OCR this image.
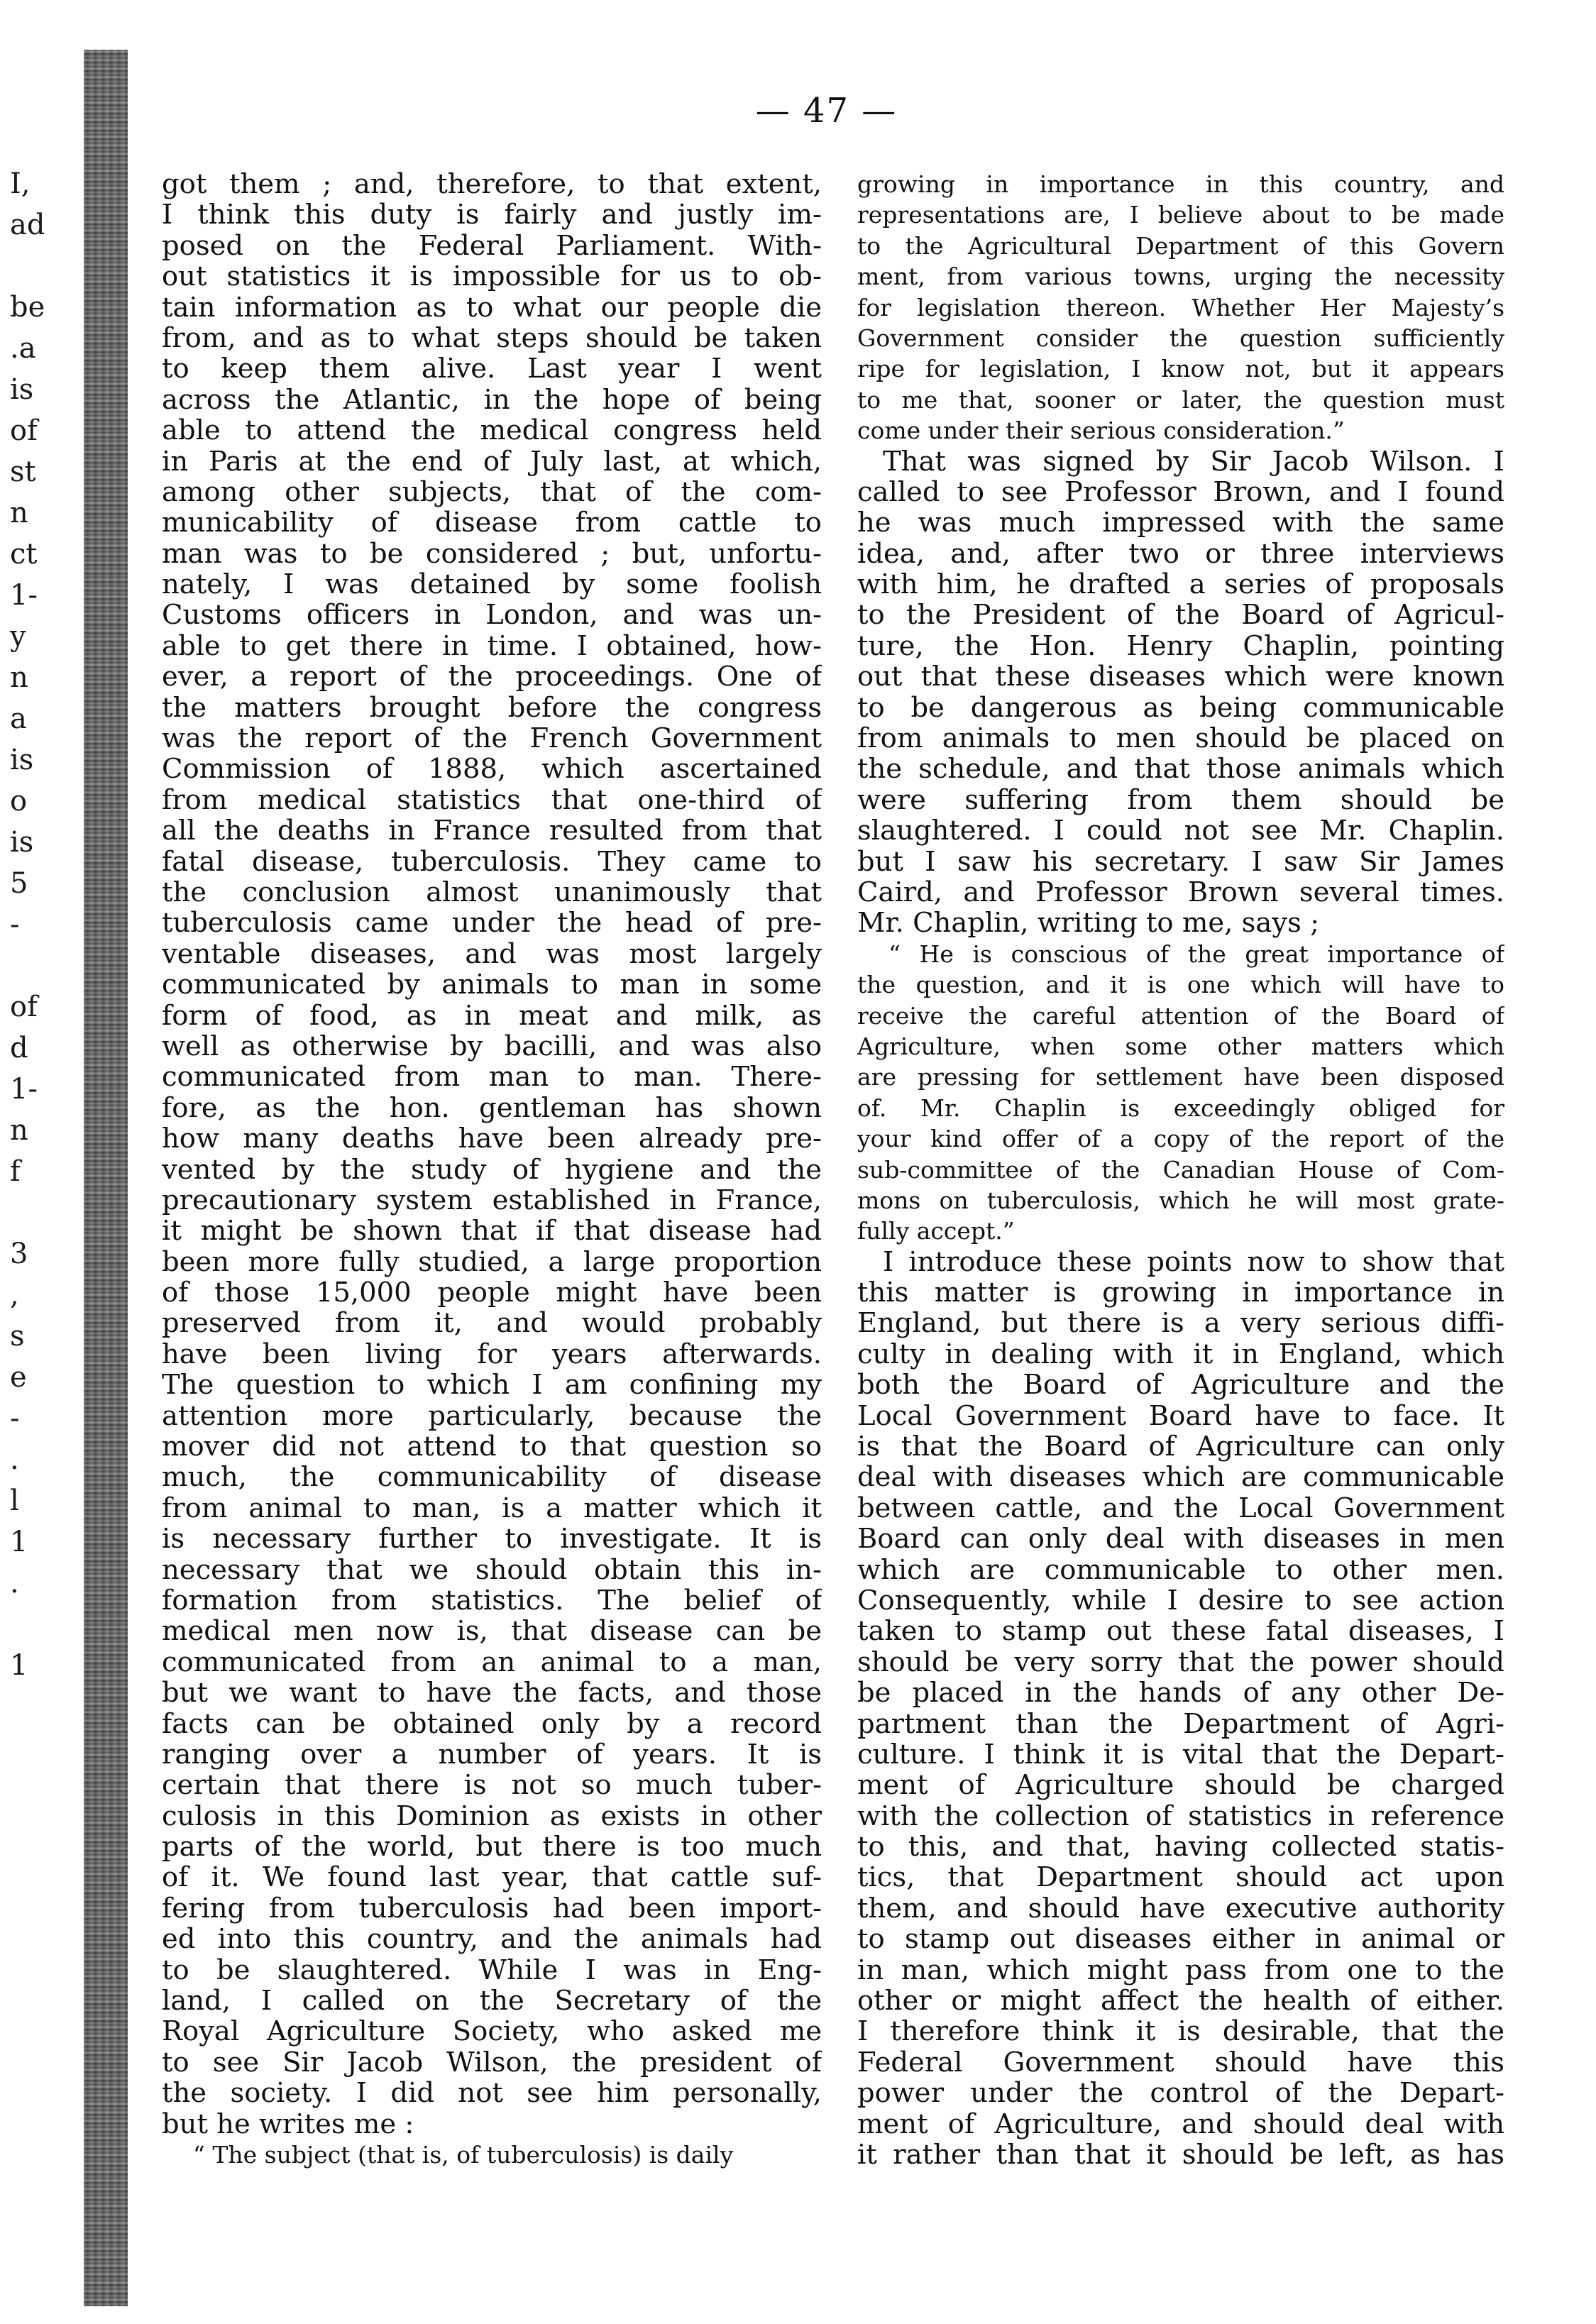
I,
ad
be
.a
is
of
st
n
ct
1-
y
n
a
is
o
is
5
-
of
d
1-
n
f
3
,
s
e
-
.
l
1
.
1
— 47 —
got them ; and, therefore, to that extent,
I think this duty is fairly and justly im-
posed on the Federal Parliament. With-
out statistics it is impossible for us to ob-
tain information as to what our people die
from, and as to what steps should be taken
to keep them alive. Last year I went
across the Atlantic, in the hope of being
able to attend the medical congress held
in Paris at the end of July last, at which,
among other subjects, that of the com-
municability of disease from cattle to
man was to be considered ; but, unfortu-
nately, I was detained by some foolish
Customs officers in London, and was un-
able to get there in time. I obtained, how-
ever, a report of the proceedings. One of
the matters brought before the congress
was the report of the French Government
Commission of 1888, which ascertained
from medical statistics that one-third of
all the deaths in France resulted from that
fatal disease, tuberculosis. They came to
the conclusion almost unanimously that
tuberculosis came under the head of pre-
ventable diseases, and was most largely
communicated by animals to man in some
form of food, as in meat and milk, as
well as otherwise by bacilli, and was also
communicated from man to man. There-
fore, as the hon. gentleman has shown
how many deaths have been already pre-
vented by the study of hygiene and the
precautionary system established in France,
it might be shown that if that disease had
been more fully studied, a large proportion
of those 15,000 people might have been
preserved from it, and would probably
have been living for years afterwards.
The question to which I am confining my
attention more particularly, because the
mover did not attend to that question so
much, the communicability of disease
from animal to man, is a matter which it
is necessary further to investigate. It is
necessary that we should obtain this in-
formation from statistics. The belief of
medical men now is, that disease can be
communicated from an animal to a man,
but we want to have the facts, and those
facts can be obtained only by a record
ranging over a number of years. It is
certain that there is not so much tuber-
culosis in this Dominion as exists in other
parts of the world, but there is too much
of it. We found last year, that cattle suf-
fering from tuberculosis had been import-
ed into this country, and the animals had
to be slaughtered. While I was in Eng-
land, I called on the Secretary of the
Royal Agriculture Society, who asked me
to see Sir Jacob Wilson, the president of
the society. I did not see him personally,
but he writes me :
“ The subject (that is, of tuberculosis) is daily
growing in importance in this country, and
representations are, I believe about to be made
to the Agricultural Department of this Govern
ment, from various towns, urging the necessity
for legislation thereon. Whether Her Majesty’s
Government consider the question sufficiently
ripe for legislation, I know not, but it appears
to me that, sooner or later, the question must
come under their serious consideration.”
That was signed by Sir Jacob Wilson. I
called to see Professor Brown, and I found
he was much impressed with the same
idea, and, after two or three interviews
with him, he drafted a series of proposals
to the President of the Board of Agricul-
ture, the Hon. Henry Chaplin, pointing
out that these diseases which were known
to be dangerous as being communicable
from animals to men should be placed on
the schedule, and that those animals which
were suffering from them should be
slaughtered. I could not see Mr. Chaplin.
but I saw his secretary. I saw Sir James
Caird, and Professor Brown several times.
Mr. Chaplin, writing to me, says ;
“ He is conscious of the great importance of
the question, and it is one which will have to
receive the careful attention of the Board of
Agriculture, when some other matters which
are pressing for settlement have been disposed
of. Mr. Chaplin is exceedingly obliged for
your kind offer of a copy of the report of the
sub-committee of the Canadian House of Com-
mons on tuberculosis, which he will most grate-
fully accept.”
I introduce these points now to show that
this matter is growing in importance in
England, but there is a very serious diffi-
culty in dealing with it in England, which
both the Board of Agriculture and the
Local Government Board have to face. It
is that the Board of Agriculture can only
deal with diseases which are communicable
between cattle, and the Local Government
Board can only deal with diseases in men
which are communicable to other men.
Consequently, while I desire to see action
taken to stamp out these fatal diseases, I
should be very sorry that the power should
be placed in the hands of any other De-
partment than the Department of Agri-
culture. I think it is vital that the Depart-
ment of Agriculture should be charged
with the collection of statistics in reference
to this, and that, having collected statis-
tics, that Department should act upon
them, and should have executive authority
to stamp out diseases either in animal or
in man, which might pass from one to the
other or might affect the health of either.
I therefore think it is desirable, that the
Federal Government should have this
power under the control of the Depart-
ment of Agriculture, and should deal with
it rather than that it should be left, as has
